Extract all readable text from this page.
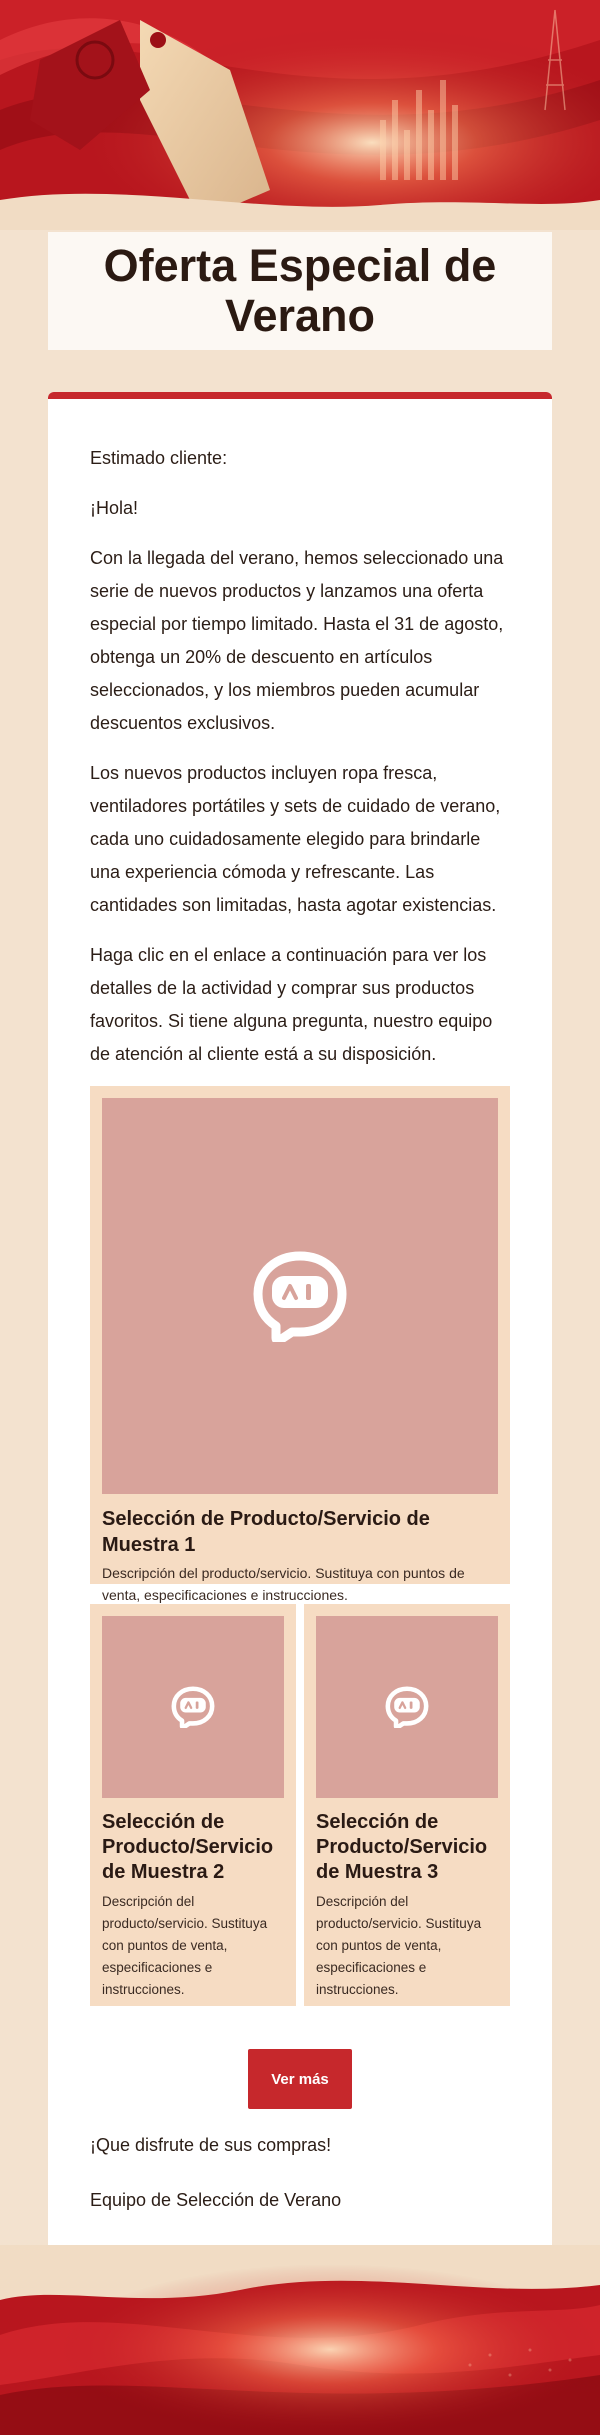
Oferta Especial de Verano

Estimado cliente:

¡Hola!

Con la llegada del verano, hemos seleccionado una serie de nuevos productos y lanzamos una oferta especial por tiempo limitado. Hasta el 31 de agosto, obtenga un 20% de descuento en artículos seleccionados, y los miembros pueden acumular descuentos exclusivos.

Los nuevos productos incluyen ropa fresca, ventiladores portátiles y sets de cuidado de verano, cada uno cuidadosamente elegido para brindarle una experiencia cómoda y refrescante. Las cantidades son limitadas, hasta agotar existencias.

Haga clic en el enlace a continuación para ver los detalles de la actividad y comprar sus productos favoritos. Si tiene alguna pregunta, nuestro equipo de atención al cliente está a su disposición.

Selección de Producto/Servicio de Muestra 1
Descripción del producto/servicio. Sustituya con puntos de venta, especificaciones e instrucciones.
Selección de Producto/Servicio de Muestra 2
Descripción del producto/servicio. Sustituya con puntos de venta, especificaciones e instrucciones.
Selección de Producto/Servicio de Muestra 3
Descripción del producto/servicio. Sustituya con puntos de venta, especificaciones e instrucciones.
Ver más
¡Que disfrute de sus compras!
Equipo de Selección de Verano
